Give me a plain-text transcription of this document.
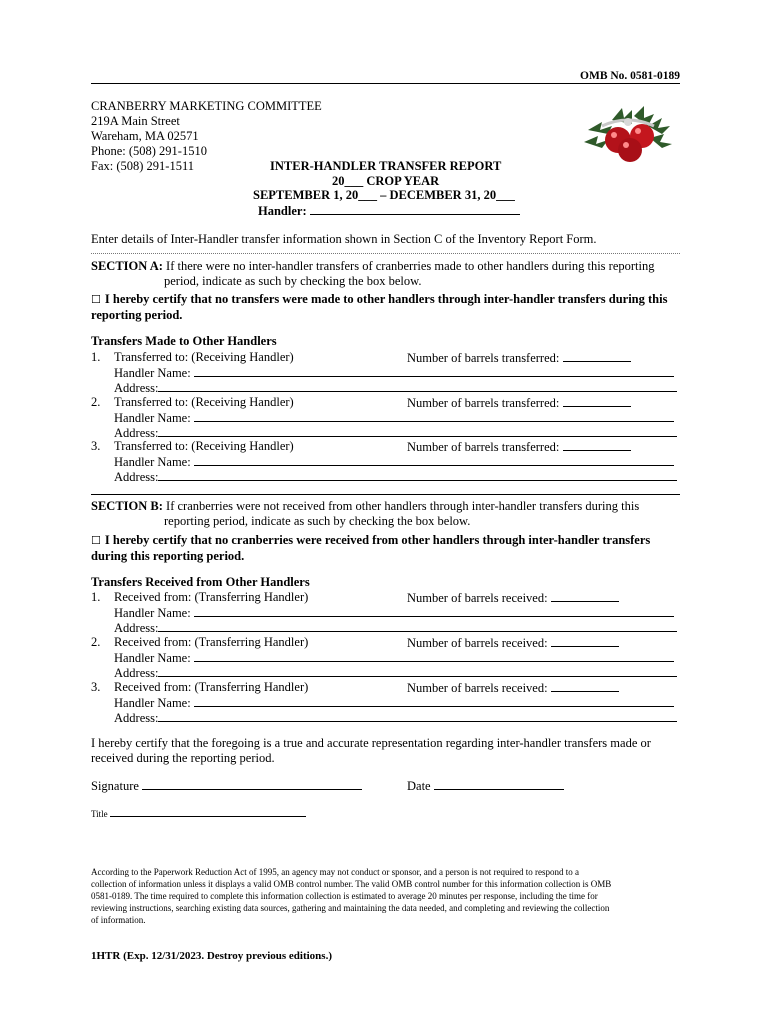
OMB No. 0581-0189
CRANBERRY MARKETING COMMITTEE
219A Main Street
Wareham, MA 02571
Phone: (508) 291-1510
Fax: (508) 291-1511	INTER-HANDLER TRANSFER REPORT
20___ CROP YEAR
SEPTEMBER 1, 20___ – DECEMBER 31, 20___
Handler:
Enter details of Inter-Handler transfer information shown in Section C of the Inventory Report Form.
SECTION A: If there were no inter-handler transfers of cranberries made to other handlers during this reporting
period, indicate as such by checking the box below.
☐ I hereby certify that no transfers were made to other handlers through inter-handler transfers during this
reporting period.
Transfers Made to Other Handlers
1. Transferred to: (Receiving Handler)	Number of barrels transferred:
Handler Name:
Address:
2. Transferred to: (Receiving Handler)	Number of barrels transferred:
Handler Name:
Address:
3. Transferred to: (Receiving Handler)	Number of barrels transferred:
Handler Name:
Address:
SECTION B: If cranberries were not received from other handlers through inter-handler transfers during this
reporting period, indicate as such by checking the box below.
☐ I hereby certify that no cranberries were received from other handlers through inter-handler transfers
during this reporting period.
Transfers Received from Other Handlers
1. Received from: (Transferring Handler)	Number of barrels received:
Handler Name:
Address:
2. Received from: (Transferring Handler)	Number of barrels received:
Handler Name:
Address:
3. Received from: (Transferring Handler)	Number of barrels received:
Handler Name:
Address:
I hereby certify that the foregoing is a true and accurate representation regarding inter-handler transfers made or
received during the reporting period.
Signature	Date
Title
According to the Paperwork Reduction Act of 1995, an agency may not conduct or sponsor, and a person is not required to respond to a
collection of information unless it displays a valid OMB control number. The valid OMB control number for this information collection is OMB
0581-0189. The time required to complete this information collection is estimated to average 20 minutes per response, including the time for
reviewing instructions, searching existing data sources, gathering and maintaining the data needed, and completing and reviewing the collection
of information.
1HTR (Exp. 12/31/2023. Destroy previous editions.)
